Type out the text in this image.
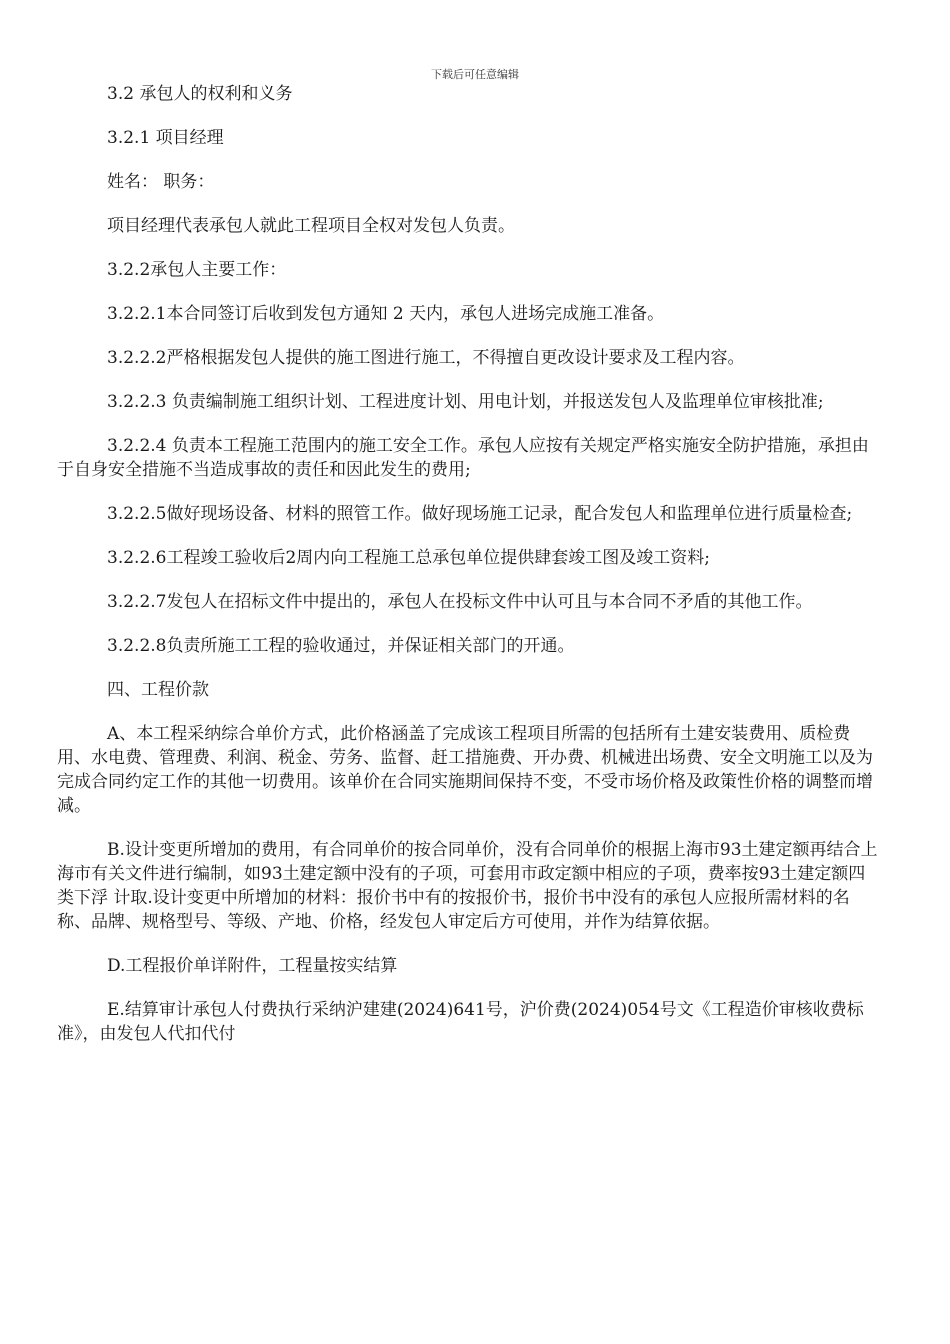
下载后可任意编辑

3.2 承包人的权利和义务

3.2.1 项目经理

姓名： 职务：

项目经理代表承包人就此工程项目全权对发包人负责。

3.2.2承包人主要工作：

3.2.2.1本合同签订后收到发包方通知 2 天内，承包人进场完成施工准备。

3.2.2.2严格根据发包人提供的施工图进行施工，不得擅自更改设计要求及工程内容。

3.2.2.3 负责编制施工组织计划、工程进度计划、用电计划，并报送发包人及监理单位审核批准;

3.2.2.4 负责本工程施工范围内的施工安全工作。承包人应按有关规定严格实施安全防护措施，承担由于自身安全措施不当造成事故的责任和因此发生的费用;

3.2.2.5做好现场设备、材料的照管工作。做好现场施工记录，配合发包人和监理单位进行质量检查;

3.2.2.6工程竣工验收后2周内向工程施工总承包单位提供肆套竣工图及竣工资料;

3.2.2.7发包人在招标文件中提出的，承包人在投标文件中认可且与本合同不矛盾的其他工作。

3.2.2.8负责所施工工程的验收通过，并保证相关部门的开通。

四、工程价款

A、本工程采纳综合单价方式，此价格涵盖了完成该工程项目所需的包括所有土建安装费用、质检费用、水电费、管理费、利润、税金、劳务、监督、赶工措施费、开办费、机械进出场费、安全文明施工以及为完成合同约定工作的其他一切费用。该单价在合同实施期间保持不变，不受市场价格及政策性价格的调整而增减。

B.设计变更所增加的费用，有合同单价的按合同单价，没有合同单价的根据上海市93土建定额再结合上海市有关文件进行编制，如93土建定额中没有的子项，可套用市政定额中相应的子项，费率按93土建定额四类下浮 计取.设计变更中所增加的材料：报价书中有的按报价书，报价书中没有的承包人应报所需材料的名称、品牌、规格型号、等级、产地、价格，经发包人审定后方可使用，并作为结算依据。

D.工程报价单详附件，工程量按实结算

E.结算审计承包人付费执行采纳沪建建(2024)641号，沪价费(2024)054号文《工程造价审核收费标准》，由发包人代扣代付
